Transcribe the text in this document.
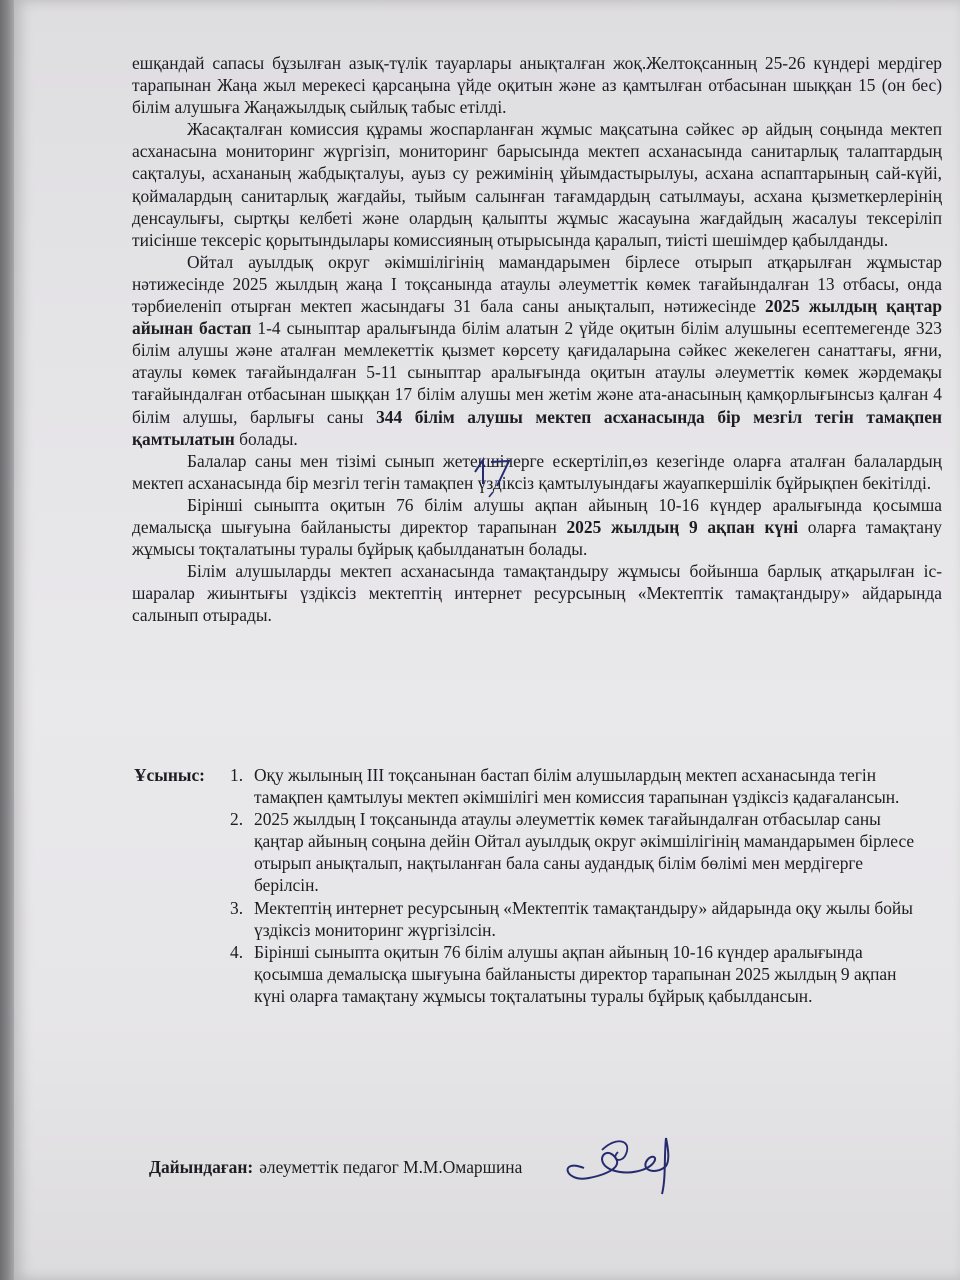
ешқандай сапасы бұзылған азық-түлік тауарлары анықталған жоқ.Желтоқсанның 25-26 күндері мердігер тарапынан Жаңа жыл мерекесі қарсаңына үйде оқитын және аз қамтылған отбасынан шыққан 15 (он бес) білім алушыға Жаңажылдық сыйлық табыс етілді.

Жасақталған комиссия құрамы жоспарланған жұмыс мақсатына сәйкес әр айдың соңында мектеп асханасына мониторинг жүргізіп, мониторинг барысында мектеп асханасында санитарлық талаптардың сақталуы, асхананың жабдықталуы, ауыз су режимінің ұйымдастырылуы, асхана аспаптарының сай-күйі, қоймалардың санитарлық жағдайы, тыйым салынған тағамдардың сатылмауы, асхана қызметкерлерінің денсаулығы, сыртқы келбеті және олардың қалыпты жұмыс жасауына жағдайдың жасалуы тексеріліп тиісінше тексеріс қорытындылары комиссияның отырысында қаралып, тиісті шешімдер қабылданды.

Ойтал ауылдық округ әкімшілігінің мамандарымен бірлесе отырып атқарылған жұмыстар нәтижесінде 2025 жылдың жаңа I тоқсанында атаулы әлеуметтік көмек тағайындалған 13 отбасы, онда тәрбиеленіп отырған мектеп жасындағы 31 бала саны анықталып, нәтижесінде 2025 жылдың қаңтар айынан бастап 1-4 сыныптар аралығында білім алатын 2 үйде оқитын білім алушыны есептемегенде 323 білім алушы және аталған мемлекеттік қызмет көрсету қағидаларына сәйкес жекелеген санаттағы, яғни, атаулы көмек тағайындалған 5-11 сыныптар аралығында оқитын атаулы әлеуметтік көмек жәрдемақы тағайындалған отбасынан шыққан 17 білім алушы мен жетім және ата-анасының қамқорлығынсыз қалған 4 білім алушы, барлығы саны 344 білім алушы мектеп асханасында бір мезгіл тегін тамақпен қамтылатын болады.

Балалар саны мен тізімі сынып жетекшілерге ескертіліп,өз кезегінде оларға аталған балалардың мектеп асханасында бір мезгіл тегін тамақпен үздіксіз қамтылуындағы жауапкершілік бұйрықпен бекітілді.

Бірінші сыныпта оқитын 76 білім алушы ақпан айының 10-16 күндер аралығында қосымша демалысқа шығуына байланысты директор тарапынан 2025 жылдың 9 ақпан күні оларға тамақтану жұмысы тоқталатыны туралы бұйрық қабылданатын болады.

Білім алушыларды мектеп асханасында тамақтандыру жұмысы бойынша барлық атқарылған іс-шаралар жиынтығы үздіксіз мектептің интернет ресурсының «Мектептік тамақтандыру» айдарында салынып отырады.

Ұсыныс: 1. Оқу жылының III тоқсанынан бастап білім алушылардың мектеп асханасында тегін тамақпен қамтылуы мектеп әкімшілігі мен комиссия тарапынан үздіксіз қадағалансын.
2. 2025 жылдың I тоқсанында атаулы әлеуметтік көмек тағайындалған отбасылар саны қаңтар айының соңына дейін Ойтал ауылдық округ әкімшілігінің мамандарымен бірлесе отырып анықталып, нақтыланған бала саны аудандық білім бөлімі мен мердігерге берілсін.
3. Мектептің интернет ресурсының «Мектептік тамақтандыру» айдарында оқу жылы бойы үздіксіз мониторинг жүргізілсін.
4. Бірінші сыныпта оқитын 76 білім алушы ақпан айының 10-16 күндер аралығында қосымша демалысқа шығуына байланысты директор тарапынан 2025 жылдың 9 ақпан күні оларға тамақтану жұмысы тоқталатыны туралы бұйрық қабылдансын.
Дайындаған: әлеуметтік педагог М.М.Омаршина
